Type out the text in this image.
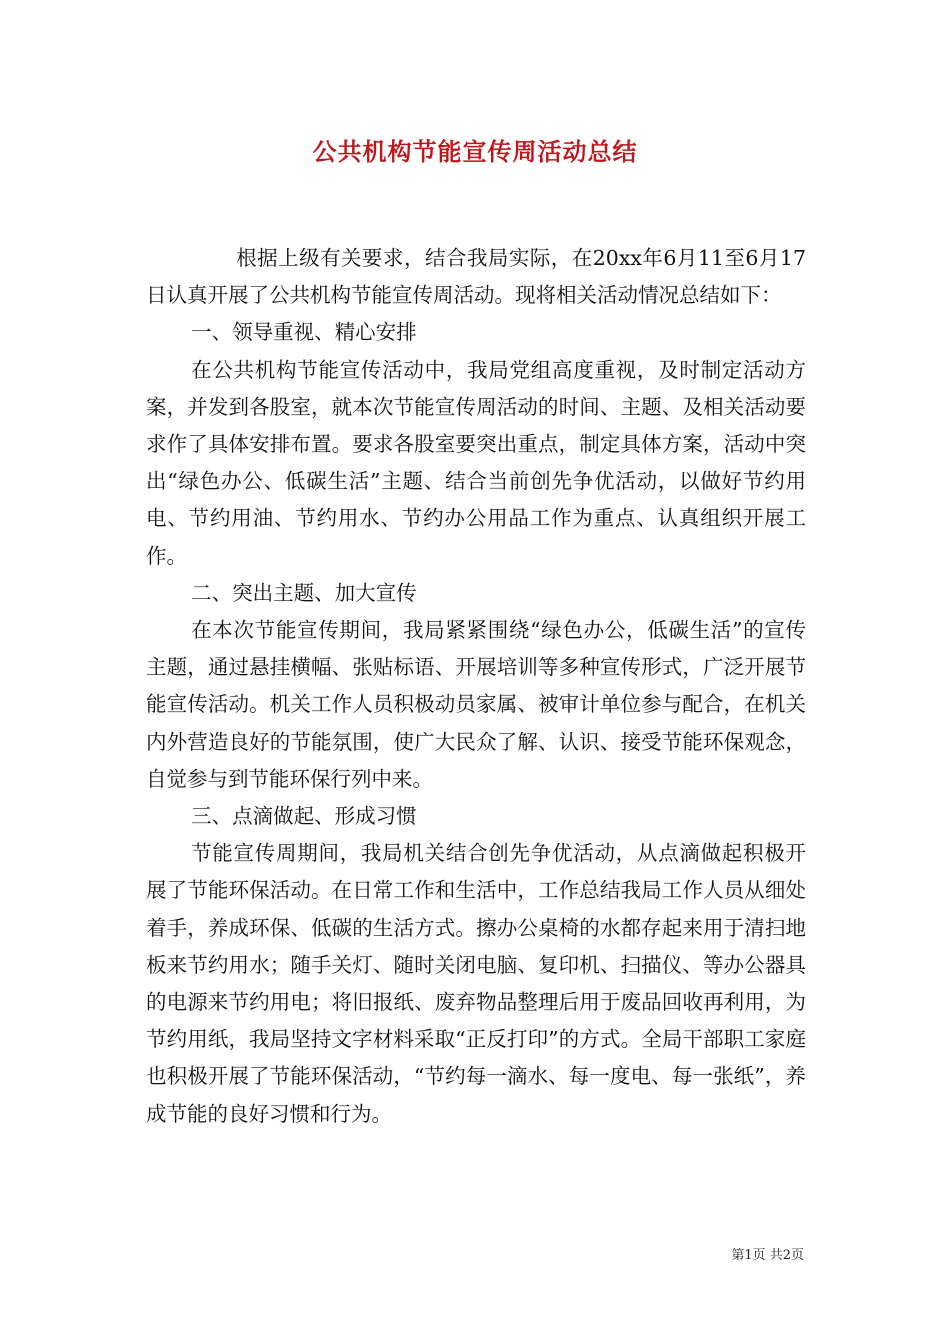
公共机构节能宣传周活动总结

根据上级有关要求，结合我局实际，在20xx年6月11至6月17日认真开展了公共机构节能宣传周活动。现将相关活动情况总结如下：

一、领导重视、精心安排

在公共机构节能宣传活动中，我局党组高度重视，及时制定活动方案，并发到各股室，就本次节能宣传周活动的时间、主题、及相关活动要求作了具体安排布置。要求各股室要突出重点，制定具体方案，活动中突出“绿色办公、低碳生活”主题、结合当前创先争优活动，以做好节约用电、节约用油、节约用水、节约办公用品工作为重点、认真组织开展工作。

二、突出主题、加大宣传

在本次节能宣传期间，我局紧紧围绕“绿色办公，低碳生活”的宣传主题，通过悬挂横幅、张贴标语、开展培训等多种宣传形式，广泛开展节能宣传活动。机关工作人员积极动员家属、被审计单位参与配合，在机关内外营造良好的节能氛围，使广大民众了解、认识、接受节能环保观念，自觉参与到节能环保行列中来。

三、点滴做起、形成习惯

节能宣传周期间，我局机关结合创先争优活动，从点滴做起积极开展了节能环保活动。在日常工作和生活中，工作总结我局工作人员从细处着手，养成环保、低碳的生活方式。擦办公桌椅的水都存起来用于清扫地板来节约用水；随手关灯、随时关闭电脑、复印机、扫描仪、等办公器具的电源来节约用电；将旧报纸、废弃物品整理后用于废品回收再利用，为节约用纸，我局坚持文字材料采取“正反打印”的方式。全局干部职工家庭也积极开展了节能环保活动，“节约每一滴水、每一度电、每一张纸”，养成节能的良好习惯和行为。

第1页 共2页
